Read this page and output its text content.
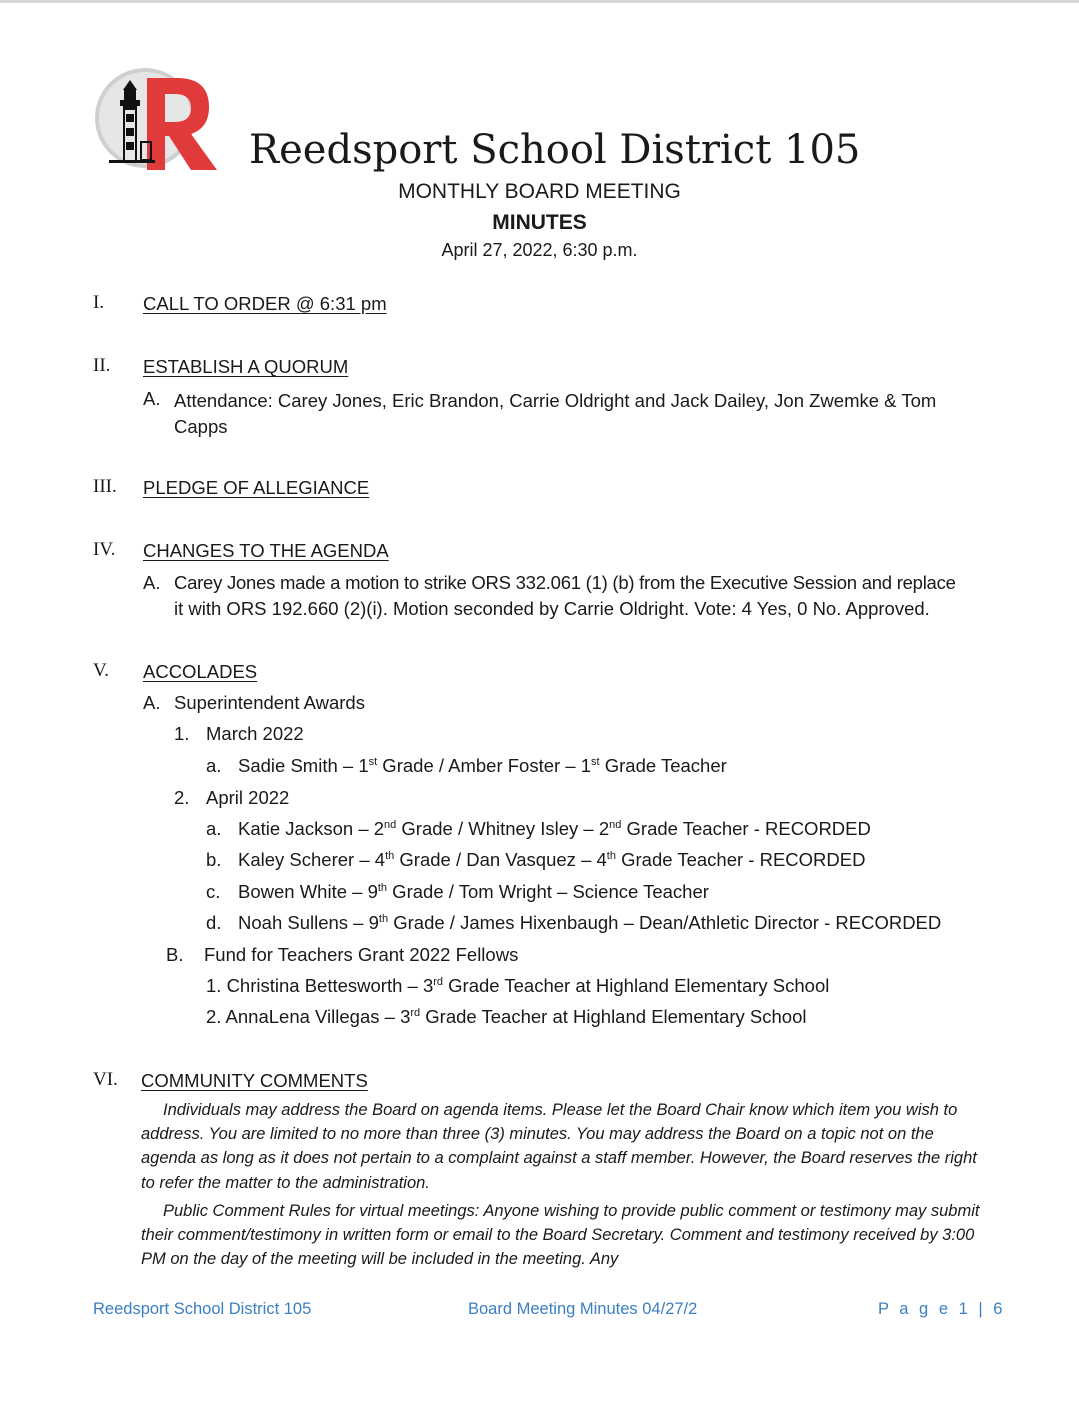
Reedsport School District 105
MONTHLY BOARD MEETING
MINUTES
April 27, 2022, 6:30 p.m.
I. CALL TO ORDER @ 6:31 pm
II. ESTABLISH A QUORUM
A. Attendance: Carey Jones, Eric Brandon, Carrie Oldright and Jack Dailey, Jon Zwemke & Tom Capps
III. PLEDGE OF ALLEGIANCE
IV. CHANGES TO THE AGENDA
A. Carey Jones made a motion to strike ORS 332.061 (1) (b) from the Executive Session and replace
it with ORS 192.660 (2)(i). Motion seconded by Carrie Oldright. Vote: 4 Yes, 0 No. Approved.
V. ACCOLADES
A. Superintendent Awards
1. March 2022
a. Sadie Smith – 1st Grade / Amber Foster – 1st Grade Teacher
2. April 2022
a. Katie Jackson – 2nd Grade / Whitney Isley – 2nd Grade Teacher - RECORDED
b. Kaley Scherer – 4th Grade / Dan Vasquez – 4th Grade Teacher - RECORDED
c. Bowen White – 9th Grade / Tom Wright – Science Teacher
d. Noah Sullens – 9th Grade / James Hixenbaugh – Dean/Athletic Director - RECORDED
B. Fund for Teachers Grant 2022 Fellows
1. Christina Bettesworth – 3rd Grade Teacher at Highland Elementary School
2. AnnaLena Villegas – 3rd Grade Teacher at Highland Elementary School
VI. COMMUNITY COMMENTS
Individuals may address the Board on agenda items. Please let the Board Chair know which item you wish to address. You are limited to no more than three (3) minutes. You may address the Board on a topic not on the agenda as long as it does not pertain to a complaint against a staff member. However, the Board reserves the right to refer the matter to the administration.
Public Comment Rules for virtual meetings: Anyone wishing to provide public comment or testimony may submit their comment/testimony in written form or email to the Board Secretary. Comment and testimony received by 3:00 PM on the day of the meeting will be included in the meeting. Any
Reedsport School District 105	Board Meeting Minutes 04/27/2	P a g e 1 | 6
